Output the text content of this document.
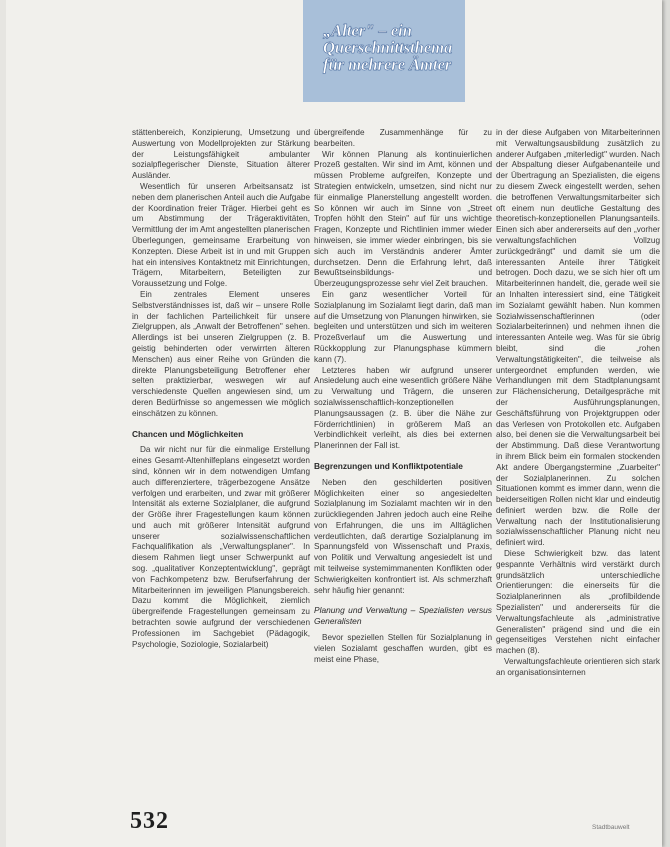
„Alter" – ein Querschnittsthema für mehrere Ämter

stättenbereich, Konzipierung, Umsetzung und Auswertung von Modellprojekten zur Stärkung der Leistungsfähigkeit ambulanter sozialpflegerischer Dienste, Situation älterer Ausländer.

Wesentlich für unseren Arbeitsansatz ist neben dem planerischen Anteil auch die Aufgabe der Koordination freier Träger. Hierbei geht es um Abstimmung der Trägeraktivitäten, Vermittlung der im Amt angestellten planerischen Überlegungen, gemeinsame Erarbeitung von Konzepten. Diese Arbeit ist in und mit Gruppen hat ein intensives Kontaktnetz mit Einrichtungen, Trägern, Mitarbeitern, Beteiligten zur Voraussetzung und Folge.

Ein zentrales Element unseres Selbstverständnisses ist, daß wir – unsere Rolle in der fachlichen Parteilichkeit für unsere Zielgruppen, als „Anwalt der Betroffenen" sehen. Allerdings ist bei unseren Zielgruppen (z. B. geistig behinderten oder verwirrten älteren Menschen) aus einer Reihe von Gründen die direkte Planungsbeteiligung Betroffener eher selten praktizierbar, weswegen wir auf verschiedenste Quellen angewiesen sind, um deren Bedürfnisse so angemessen wie möglich einschätzen zu können.

Chancen und Möglichkeiten

Da wir nicht nur für die einmalige Erstellung eines Gesamt-Altenhilfeplans eingesetzt worden sind, können wir in dem notwendigen Umfang auch differenziertere, trägerbezogene Ansätze verfolgen und erarbeiten, und zwar mit größerer Intensität als externe Sozialplaner, die aufgrund der Größe ihrer Fragestellungen kaum können und auch mit größerer Intensität aufgrund unserer sozialwissenschaftlichen Fachqualifikation als „Verwaltungsplaner". In diesem Rahmen liegt unser Schwerpunkt auf sog. „qualitativer Konzeptentwicklung", geprägt von Fachkompetenz bzw. Berufserfahrung der Mitarbeiterinnen im jeweiligen Planungsbereich. Dazu kommt die Möglichkeit, ziemlich übergreifende Fragestellungen gemeinsam zu betrachten sowie aufgrund der verschiedenen Professionen im Sachgebiet (Pädagogik, Psychologie, Soziologie, Sozialarbeit)

übergreifende Zusammenhänge für zu bearbeiten.

Wir können Planung als kontinuierlichen Prozeß gestalten. Wir sind im Amt, können und müssen Probleme aufgreifen, Konzepte und Strategien entwickeln, umsetzen, sind nicht nur für einmalige Planerstellung angestellt worden. So können wir auch im Sinne von „Street Tropfen höhlt den Stein" auf für uns wichtige Fragen, Konzepte und Richtlinien immer wieder hinweisen, sie immer wieder einbringen, bis sie sich auch im Verständnis anderer Ämter durchsetzen. Denn die Erfahrung lehrt, daß Bewußtseinsbildungs- und Überzeugungsprozesse sehr viel Zeit brauchen.

Ein ganz wesentlicher Vorteil für Sozialplanung im Sozialamt liegt darin, daß man auf die Umsetzung von Planungen hinwirken, sie begleiten und unterstützen und sich im weiteren Prozeßverlauf um die Auswertung und Rückkopplung zur Planungsphase kümmern kann (7).

Letzteres haben wir aufgrund unserer Ansiedelung auch eine wesentlich größere Nähe zu Verwaltung und Trägern, die unseren sozialwissenschaftlich-konzeptionellen Planungsaussagen (z. B. über die Nähe zur Förderrichtlinien) in größerem Maß an Verbindlichkeit verleiht, als dies bei externen Planerinnen der Fall ist.

Begrenzungen und Konfliktpotentiale

Neben den geschilderten positiven Möglichkeiten einer so angesiedelten Sozialplanung im Sozialamt machten wir in den zurückliegenden Jahren jedoch auch eine Reihe von Erfahrungen, die uns im Alltäglichen verdeutlichten, daß derartige Sozialplanung im Spannungsfeld von Wissenschaft und Praxis, von Politik und Verwaltung angesiedelt ist und mit teilweise systemimmanenten Konflikten oder Schwierigkeiten konfrontiert ist. Als schmerzhaft sehr häufig hier genannt:

Planung und Verwaltung – Spezialisten versus Generalisten

Bevor speziellen Stellen für Sozialplanung in vielen Sozialamt geschaffen wurden, gibt es meist eine Phase,

in der diese Aufgaben von Mitarbeiterinnen mit Verwaltungsausbildung zusätzlich zu anderer Aufgaben „miterledigt" wurden. Nach der Abspaltung dieser Aufgabenanteile und der Übertragung an Spezialisten, die eigens zu diesem Zweck eingestellt werden, sehen die betroffenen Verwaltungsmitarbeiter sich oft einem nun deutliche Gestaltung des theoretisch-konzeptionellen Planungsanteils. Einen sich aber andererseits auf den „vorher verwaltungsfachlichen Vollzug zurückgedrängt" und damit sie um die interessanten Anteile ihrer Tätigkeit betrogen. Doch dazu, we se sich hier oft um Mitarbeiterinnen handelt, die, gerade weil sie an Inhalten interessiert sind, eine Tätigkeit im Sozialamt gewählt haben. Nun kommen Sozialwissenschaftlerinnen (oder Sozialarbeiterinnen) und nehmen ihnen die interessanten Anteile weg. Was für sie übrig bleibt, sind die „rohen Verwaltungstätigkeiten", die teilweise als untergeordnet empfunden werden, wie Verhandlungen mit dem Stadtplanungsamt zur Flächensicherung, Detailgespräche mit der Ausführungsplanungen, Geschäftsführung von Projektgruppen oder das Verlesen von Protokollen etc. Aufgaben also, bei denen sie die Verwaltungsarbeit bei der Abstimmung. Daß diese Verantwortung in ihrem Blick beim ein formalen stockenden Akt andere Übergangstermine „Zuarbeiter" der Sozialplanerinnen. Zu solchen Situationen kommt es immer dann, wenn die beiderseitigen Rollen nicht klar und eindeutig definiert werden bzw. die Rolle der Verwaltung nach der Institutionalisierung sozialwissenschaftlicher Planung nicht neu definiert wird.

Diese Schwierigkeit bzw. das latent gespannte Verhältnis wird verstärkt durch grundsätzlich unterschiedliche Orientierungen: die einerseits für die Sozialplanerinnen als „profilbildende Spezialisten" und andererseits für die Verwaltungsfachleute als „administrative Generalisten" prägend sind und die ein gegenseitiges Verstehen nicht einfacher machen (8).

Verwaltungsfachleute orientieren sich stark an organisationsinternen

532	Stadtbauwelt
